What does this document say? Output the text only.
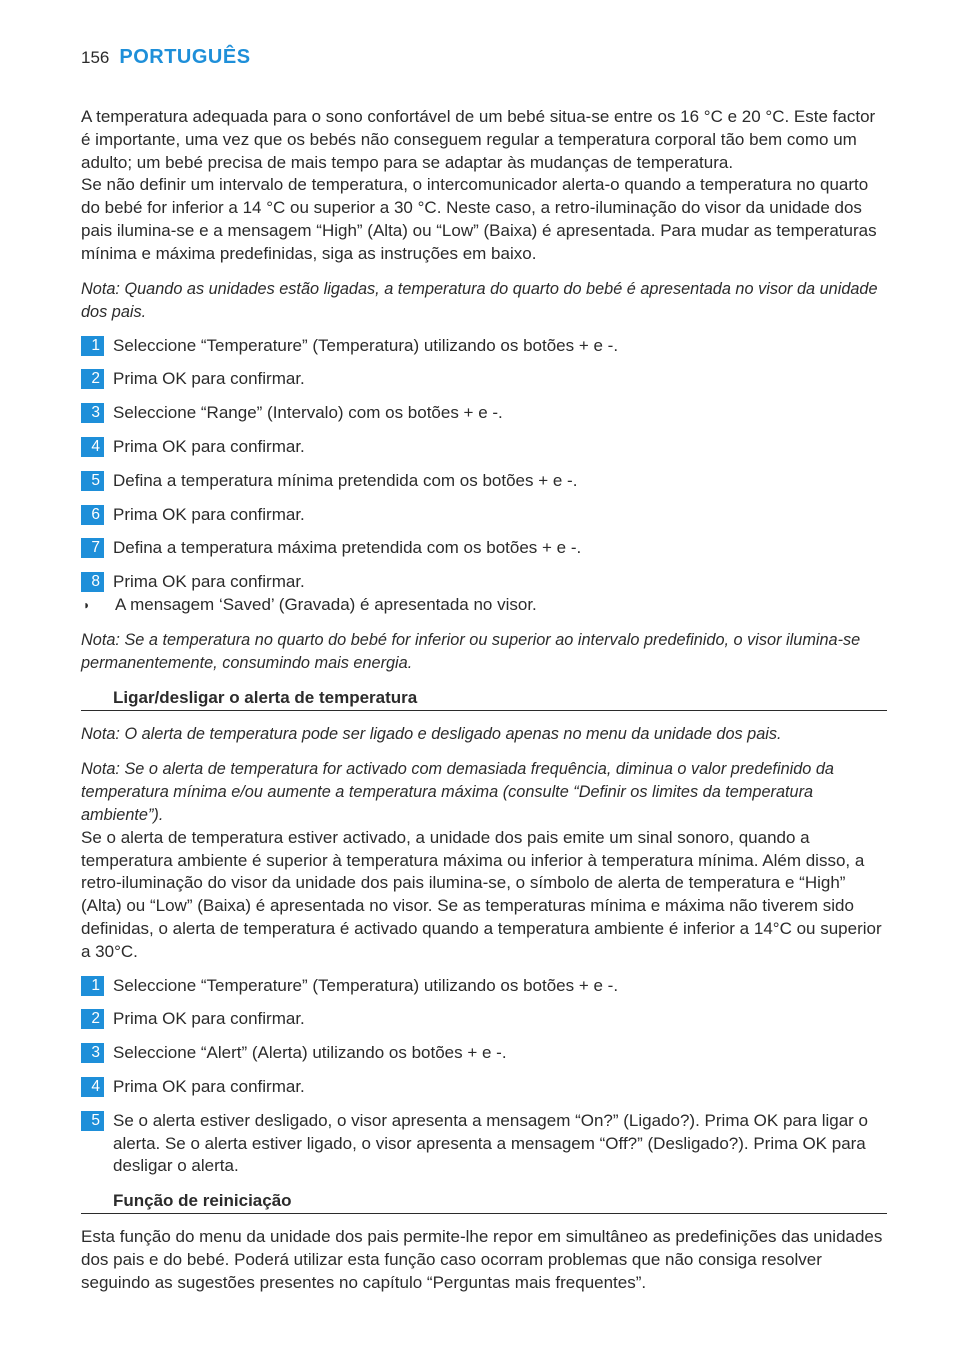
156 PORTUGUÊS

A temperatura adequada para o sono confortável de um bebé situa-se entre os 16 °C e 20 °C. Este factor é importante, uma vez que os bebés não conseguem regular a temperatura corporal tão bem como um adulto; um bebé precisa de mais tempo para se adaptar às mudanças de temperatura.

Se não definir um intervalo de temperatura, o intercomunicador alerta-o quando a temperatura no quarto do bebé for inferior a 14 °C ou superior a 30 °C. Neste caso, a retro-iluminação do visor da unidade dos pais ilumina-se e a mensagem “High” (Alta) ou “Low” (Baixa) é apresentada. Para mudar as temperaturas mínima e máxima predefinidas, siga as instruções em baixo.

Nota: Quando as unidades estão ligadas, a temperatura do quarto do bebé é apresentada no visor da unidade dos pais.

1 Seleccione “Temperature” (Temperatura) utilizando os botões + e -.
2 Prima OK para confirmar.
3 Seleccione “Range” (Intervalo) com os botões + e -.
4 Prima OK para confirmar.
5 Defina a temperatura mínima pretendida com os botões + e -.
6 Prima OK para confirmar.
7 Defina a temperatura máxima pretendida com os botões + e -.
8 Prima OK para confirmar.
◗	A mensagem ‘Saved’ (Gravada) é apresentada no visor.

Nota: Se a temperatura no quarto do bebé for inferior ou superior ao intervalo predefinido, o visor ilumina-se permanentemente, consumindo mais energia.

Ligar/desligar o alerta de temperatura

Nota: O alerta de temperatura pode ser ligado e desligado apenas no menu da unidade dos pais.

Nota: Se o alerta de temperatura for activado com demasiada frequência, diminua o valor predefinido da temperatura mínima e/ou aumente a temperatura máxima (consulte “Definir os limites da temperatura ambiente”).

Se o alerta de temperatura estiver activado, a unidade dos pais emite um sinal sonoro, quando a temperatura ambiente é superior à temperatura máxima ou inferior à temperatura mínima. Além disso, a retro-iluminação do visor da unidade dos pais ilumina-se, o símbolo de alerta de temperatura e “High” (Alta) ou “Low” (Baixa) é apresentada no visor. Se as temperaturas mínima e máxima não tiverem sido definidas, o alerta de temperatura é activado quando a temperatura ambiente é inferior a 14°C ou superior a 30°C.

1 Seleccione “Temperature” (Temperatura) utilizando os botões + e -.
2 Prima OK para confirmar.
3 Seleccione “Alert” (Alerta) utilizando os botões + e -.
4 Prima OK para confirmar.
5 Se o alerta estiver desligado, o visor apresenta a mensagem “On?” (Ligado?). Prima OK para ligar o alerta. Se o alerta estiver ligado, o visor apresenta a mensagem “Off?” (Desligado?). Prima OK para desligar o alerta.
Função de reiniciação

Esta função do menu da unidade dos pais permite-lhe repor em simultâneo as predefinições das unidades dos pais e do bebé. Poderá utilizar esta função caso ocorram problemas que não consiga resolver seguindo as sugestões presentes no capítulo “Perguntas mais frequentes”.
